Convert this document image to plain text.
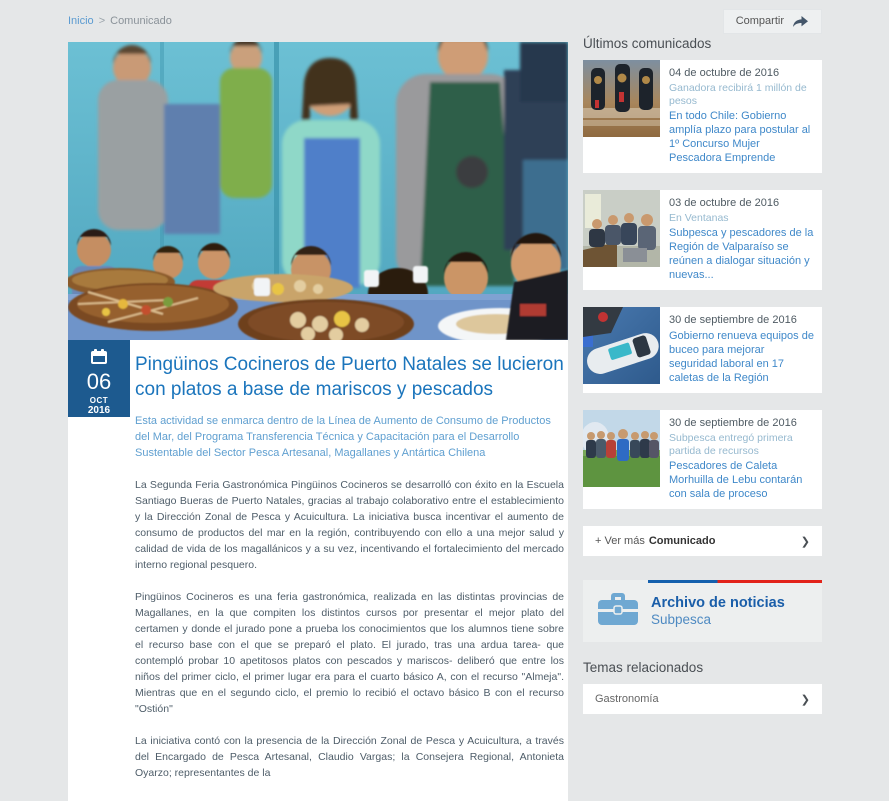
Inicio > Comunicado	Compartir
06
OCT
2016
Pingüinos Cocineros de Puerto Natales se lucieron con platos a base de mariscos y pescados

Esta actividad se enmarca dentro de la Línea de Aumento de Consumo de Productos del Mar, del Programa Transferencia Técnica y Capacitación para el Desarrollo Sustentable del Sector Pesca Artesanal, Magallanes y Antártica Chilena

La Segunda Feria Gastronómica Pingüinos Cocineros se desarrolló con éxito en la Escuela Santiago Bueras de Puerto Natales, gracias al trabajo colaborativo entre el establecimiento y la Dirección Zonal de Pesca y Acuicultura. La iniciativa busca incentivar el aumento de consumo de productos del mar en la región, contribuyendo con ello a una mejor salud y calidad de vida de los magallánicos y a su vez, incentivando el fortalecimiento del mercado interno regional pesquero.

Pingüinos Cocineros es una feria gastronómica, realizada en las distintas provincias de Magallanes, en la que compiten los distintos cursos por presentar el mejor plato del certamen y donde el jurado pone a prueba los conocimientos que los alumnos tiene sobre el recurso base con el que se preparó el plato. El jurado, tras una ardua tarea- que contempló probar 10 apetitosos platos con pescados y mariscos- deliberó que entre los niños del primer ciclo, el primer lugar era para el cuarto básico A, con el recurso "Almeja". Mientras que en el segundo ciclo, el premio lo recibió el octavo básico B con el recurso "Ostión"

La iniciativa contó con la presencia de la Dirección Zonal de Pesca y Acuicultura, a través del Encargado de Pesca Artesanal, Claudio Vargas; la Consejera Regional, Antonieta Oyarzo; representantes de la

Últimos comunicados
04 de octubre de 2016
Ganadora recibirá 1 millón de pesos
En todo Chile: Gobierno amplía plazo para postular al 1º Concurso Mujer Pescadora Emprende
03 de octubre de 2016
En Ventanas
Subpesca y pescadores de la Región de Valparaíso se reúnen a dialogar situación y nuevas...
30 de septiembre de 2016
Gobierno renueva equipos de buceo para mejorar seguridad laboral en 17 caletas de la Región
30 de septiembre de 2016
Subpesca entregó primera partida de recursos
Pescadores de Caleta Morhuilla de Lebu contarán con sala de proceso
+ Ver más Comunicado	❯
Archivo de noticias
Subpesca
Temas relacionados
Gastronomía	❯
